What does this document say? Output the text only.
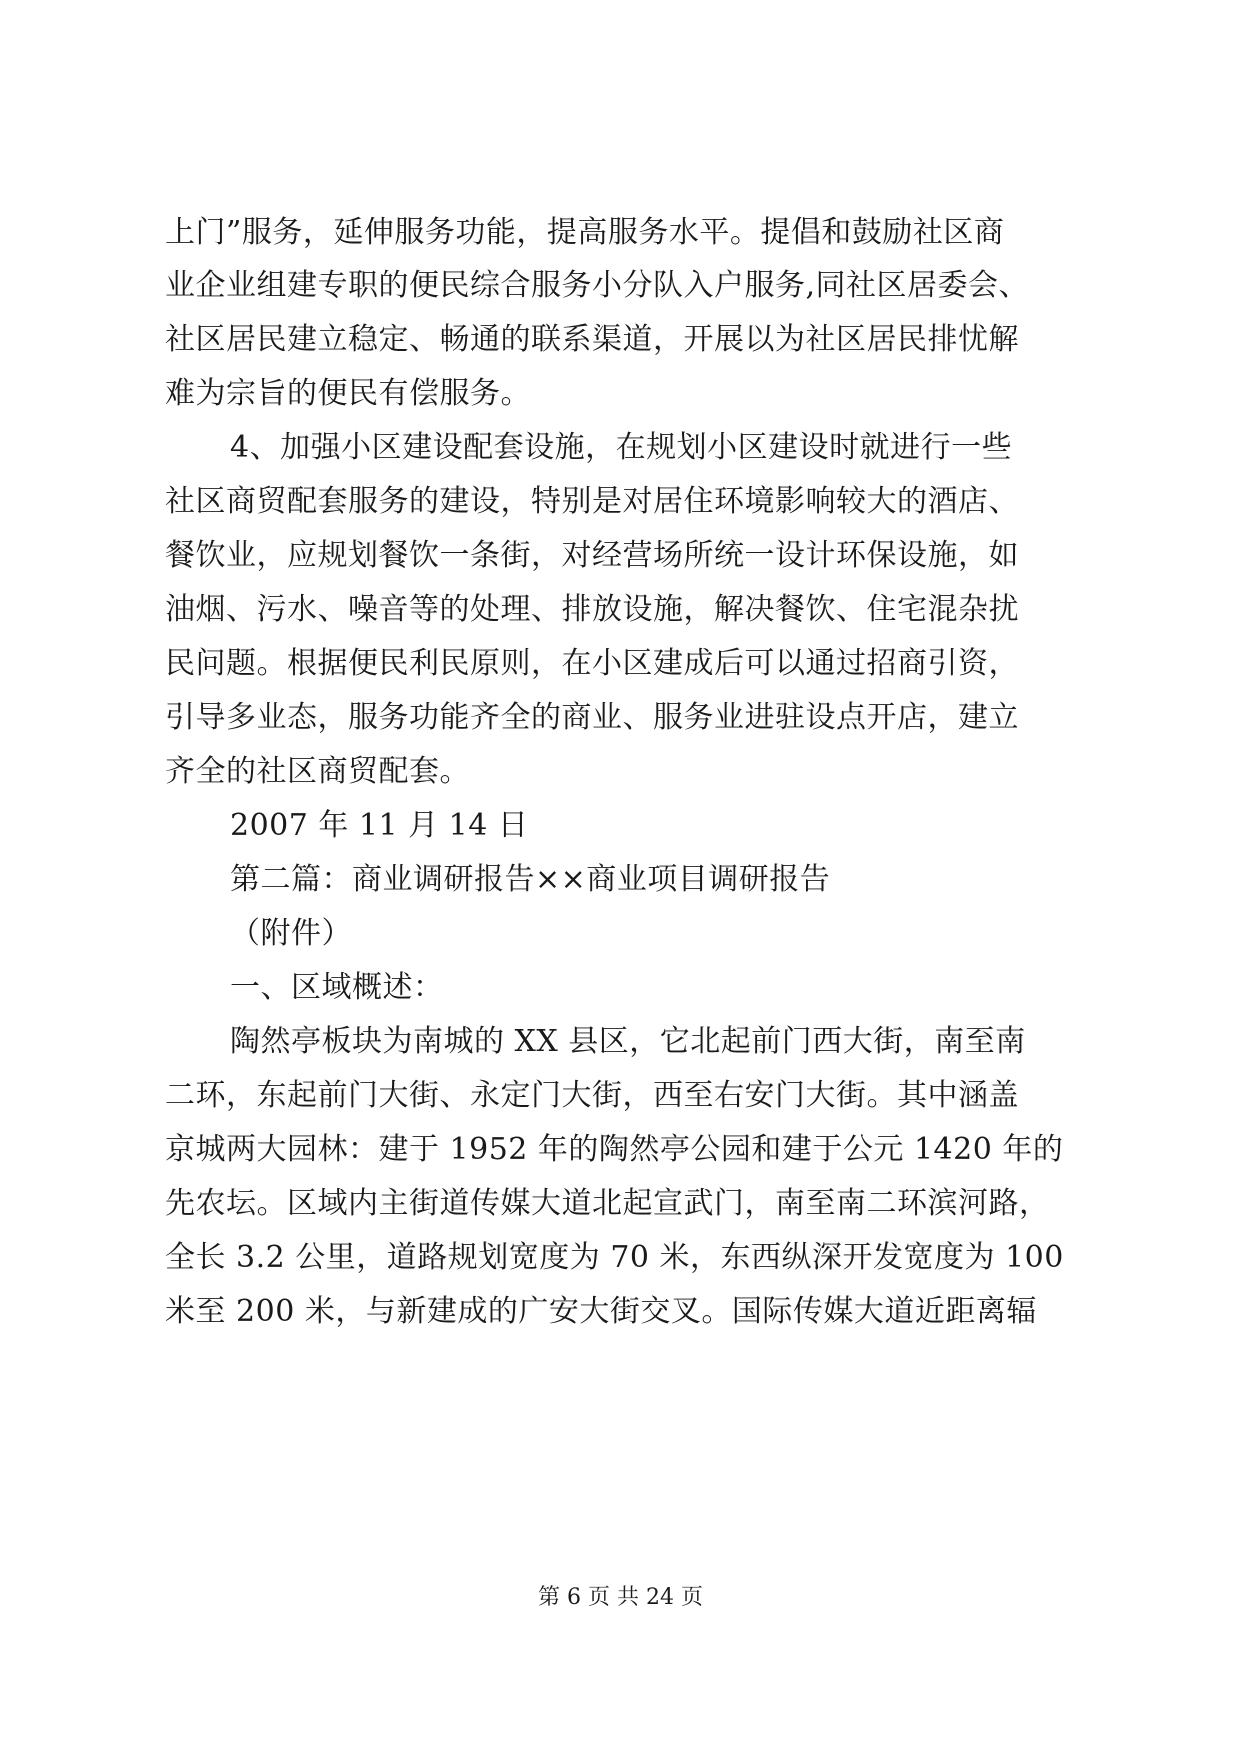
上门”服务，延伸服务功能，提高服务水平。提倡和鼓励社区商
业企业组建专职的便民综合服务小分队入户服务,同社区居委会、
社区居民建立稳定、畅通的联系渠道，开展以为社区居民排忧解
难为宗旨的便民有偿服务。
4、加强小区建设配套设施，在规划小区建设时就进行一些
社区商贸配套服务的建设，特别是对居住环境影响较大的酒店、
餐饮业，应规划餐饮一条街，对经营场所统一设计环保设施，如
油烟、污水、噪音等的处理、排放设施，解决餐饮、住宅混杂扰
民问题。根据便民利民原则，在小区建成后可以通过招商引资，
引导多业态，服务功能齐全的商业、服务业进驻设点开店，建立
齐全的社区商贸配套。
2007 年 11 月 14 日
第二篇：商业调研报告××商业项目调研报告
（附件）
一、区域概述：
陶然亭板块为南城的 XX 县区，它北起前门西大街，南至南
二环，东起前门大街、永定门大街，西至右安门大街。其中涵盖
京城两大园林：建于 1952 年的陶然亭公园和建于公元 1420 年的
先农坛。区域内主街道传媒大道北起宣武门，南至南二环滨河路，
全长 3.2 公里，道路规划宽度为 70 米，东西纵深开发宽度为 100
米至 200 米，与新建成的广安大街交叉。国际传媒大道近距离辐
第 6 页 共 24 页
